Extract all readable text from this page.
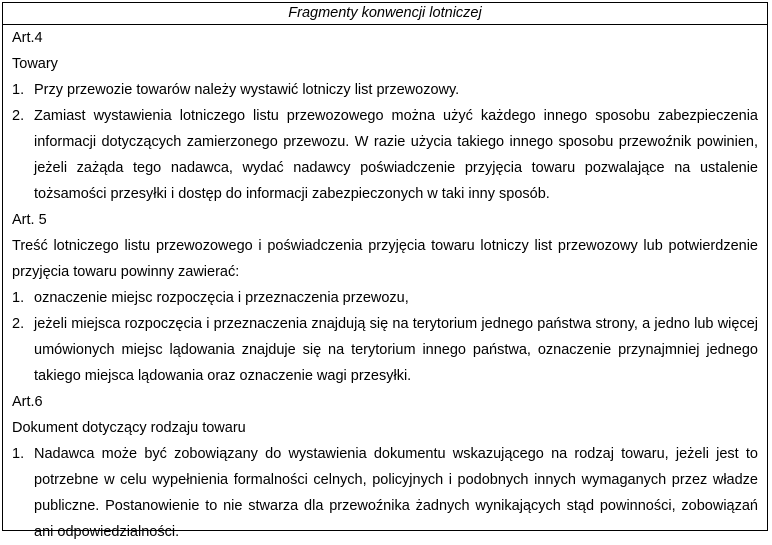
Fragmenty konwencji lotniczej
Art.4
Towary
1. Przy przewozie towarów należy wystawić lotniczy list przewozowy.
2. Zamiast wystawienia lotniczego listu przewozowego można użyć każdego innego sposobu zabezpieczenia informacji dotyczących zamierzonego przewozu. W razie użycia takiego innego sposobu przewoźnik powinien, jeżeli zażąda tego nadawca, wydać nadawcy poświadczenie przyjęcia towaru pozwalające na ustalenie tożsamości przesyłki i dostęp do informacji zabezpieczonych w taki inny sposób.
Art. 5
Treść lotniczego listu przewozowego i poświadczenia przyjęcia towaru lotniczy list przewozowy lub potwierdzenie przyjęcia towaru powinny zawierać:
1. oznaczenie miejsc rozpoczęcia i przeznaczenia przewozu,
2. jeżeli miejsca rozpoczęcia i przeznaczenia znajdują się na terytorium jednego państwa strony, a jedno lub więcej umówionych miejsc lądowania znajduje się na terytorium innego państwa, oznaczenie przynajmniej jednego takiego miejsca lądowania oraz oznaczenie wagi przesyłki.
Art.6
Dokument dotyczący rodzaju towaru
1. Nadawca może być zobowiązany do wystawienia dokumentu wskazującego na rodzaj towaru, jeżeli jest to potrzebne w celu wypełnienia formalności celnych, policyjnych i podobnych innych wymaganych przez władze publiczne. Postanowienie to nie stwarza dla przewoźnika żadnych wynikających stąd powinności, zobowiązań ani odpowiedzialności.
